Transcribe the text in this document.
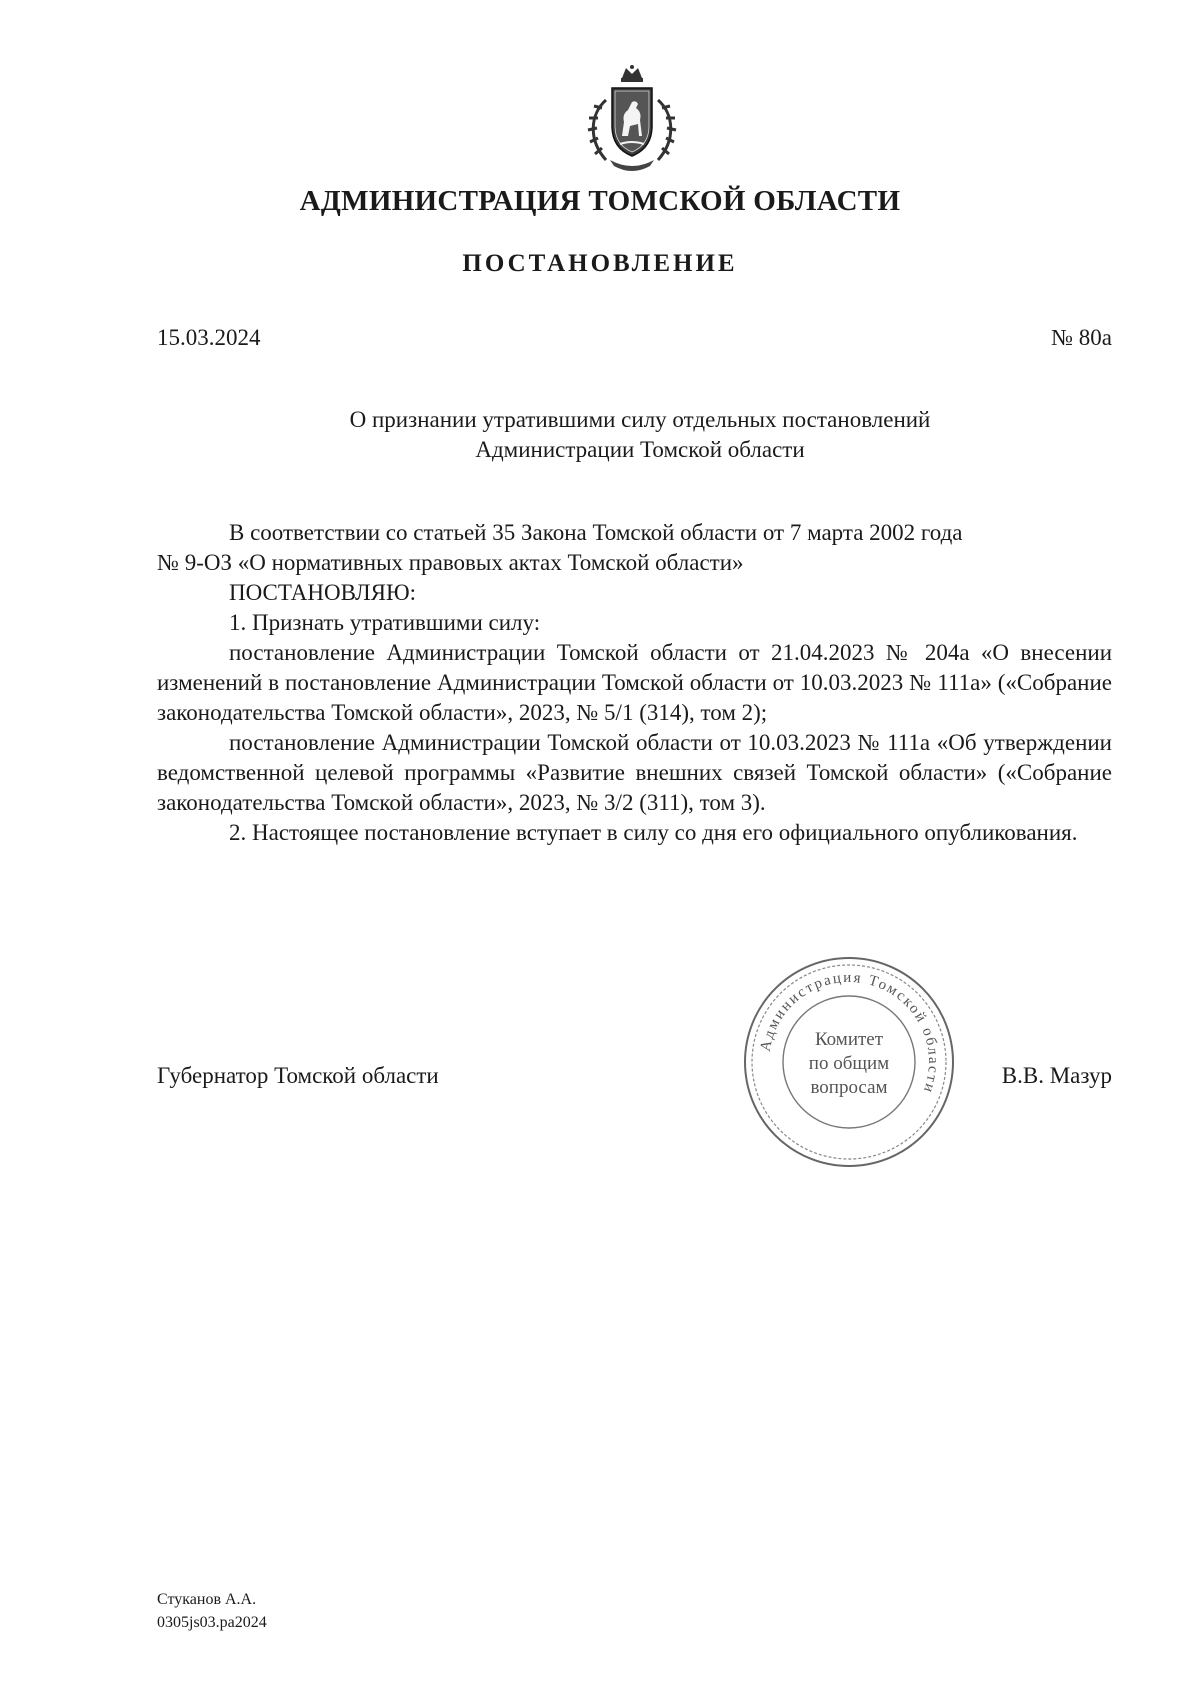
АДМИНИСТРАЦИЯ ТОМСКОЙ ОБЛАСТИ
ПОСТАНОВЛЕНИЕ
15.03.2024	№ 80а
О признании утратившими силу отдельных постановлений
Администрации Томской области

В соответствии со статьей 35 Закона Томской области от 7 марта 2002 года

№ 9-ОЗ «О нормативных правовых актах Томской области»

ПОСТАНОВЛЯЮ:

1. Признать утратившими силу:

постановление Администрации Томской области от 21.04.2023 № 204а «О внесении изменений в постановление Администрации Томской области от 10.03.2023 № 111а» («Собрание законодательства Томской области», 2023, № 5/1 (314), том 2);

постановление Администрации Томской области от 10.03.2023 № 111а «Об утверждении ведомственной целевой программы «Развитие внешних связей Томской области» («Собрание законодательства Томской области», 2023, № 3/2 (311), том 3).

2. Настоящее постановление вступает в силу со дня его официального опубликования.

Губернатор Томской области	В.В. Мазур
Администрация Томской области
Комитет
по общим
вопросам
Стуканов А.А.
0305js03.pa2024
